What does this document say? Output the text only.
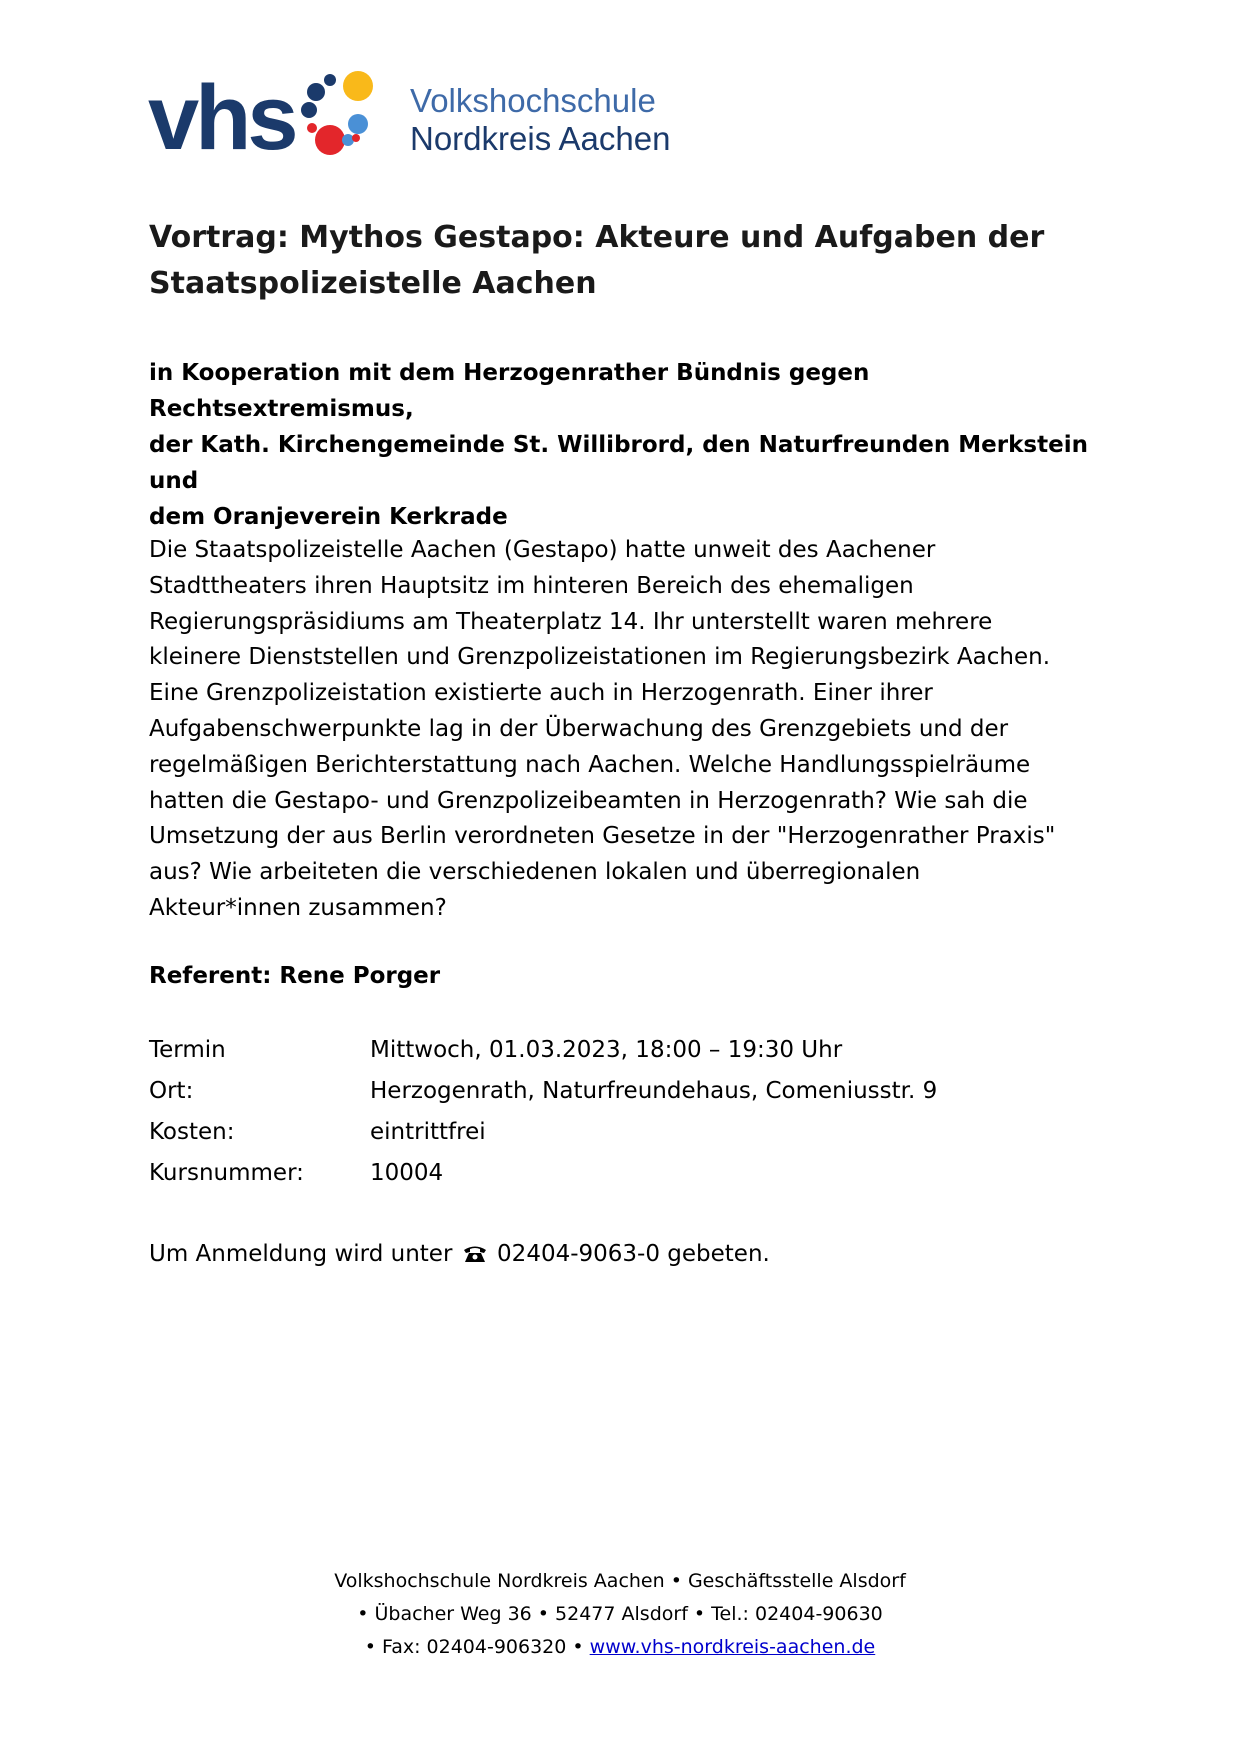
vhs	Volkshochschule
Nordkreis Aachen
Vortrag: Mythos Gestapo: Akteure und Aufgaben der
Staatspolizeistelle Aachen

in Kooperation mit dem Herzogenrather Bündnis gegen Rechtsextremismus,
der Kath. Kirchengemeinde St. Willibrord, den Naturfreunden Merkstein und
dem Oranjeverein Kerkrade

Die Staatspolizeistelle Aachen (Gestapo) hatte unweit des Aachener
Stadttheaters ihren Hauptsitz im hinteren Bereich des ehemaligen
Regierungspräsidiums am Theaterplatz 14. Ihr unterstellt waren mehrere
kleinere Dienststellen und Grenzpolizeistationen im Regierungsbezirk Aachen.
Eine Grenzpolizeistation existierte auch in Herzogenrath. Einer ihrer
Aufgabenschwerpunkte lag in der Überwachung des Grenzgebiets und der
regelmäßigen Berichterstattung nach Aachen. Welche Handlungsspielräume
hatten die Gestapo- und Grenzpolizeibeamten in Herzogenrath? Wie sah die
Umsetzung der aus Berlin verordneten Gesetze in der "Herzogenrather Praxis"
aus? Wie arbeiteten die verschiedenen lokalen und überregionalen
Akteur*innen zusammen?

Referent: Rene Porger

Termin	Mittwoch, 01.03.2023, 18:00 – 19:30 Uhr
Ort:	Herzogenrath, Naturfreundehaus, Comeniusstr. 9
Kosten:	eintrittfrei
Kursnummer:	10004
Um Anmeldung wird unter 02404-9063-0 gebeten.
Volkshochschule Nordkreis Aachen • Geschäftsstelle Alsdorf
• Übacher Weg 36 • 52477 Alsdorf • Tel.: 02404-90630
• Fax: 02404-906320 • www.vhs-nordkreis-aachen.de
